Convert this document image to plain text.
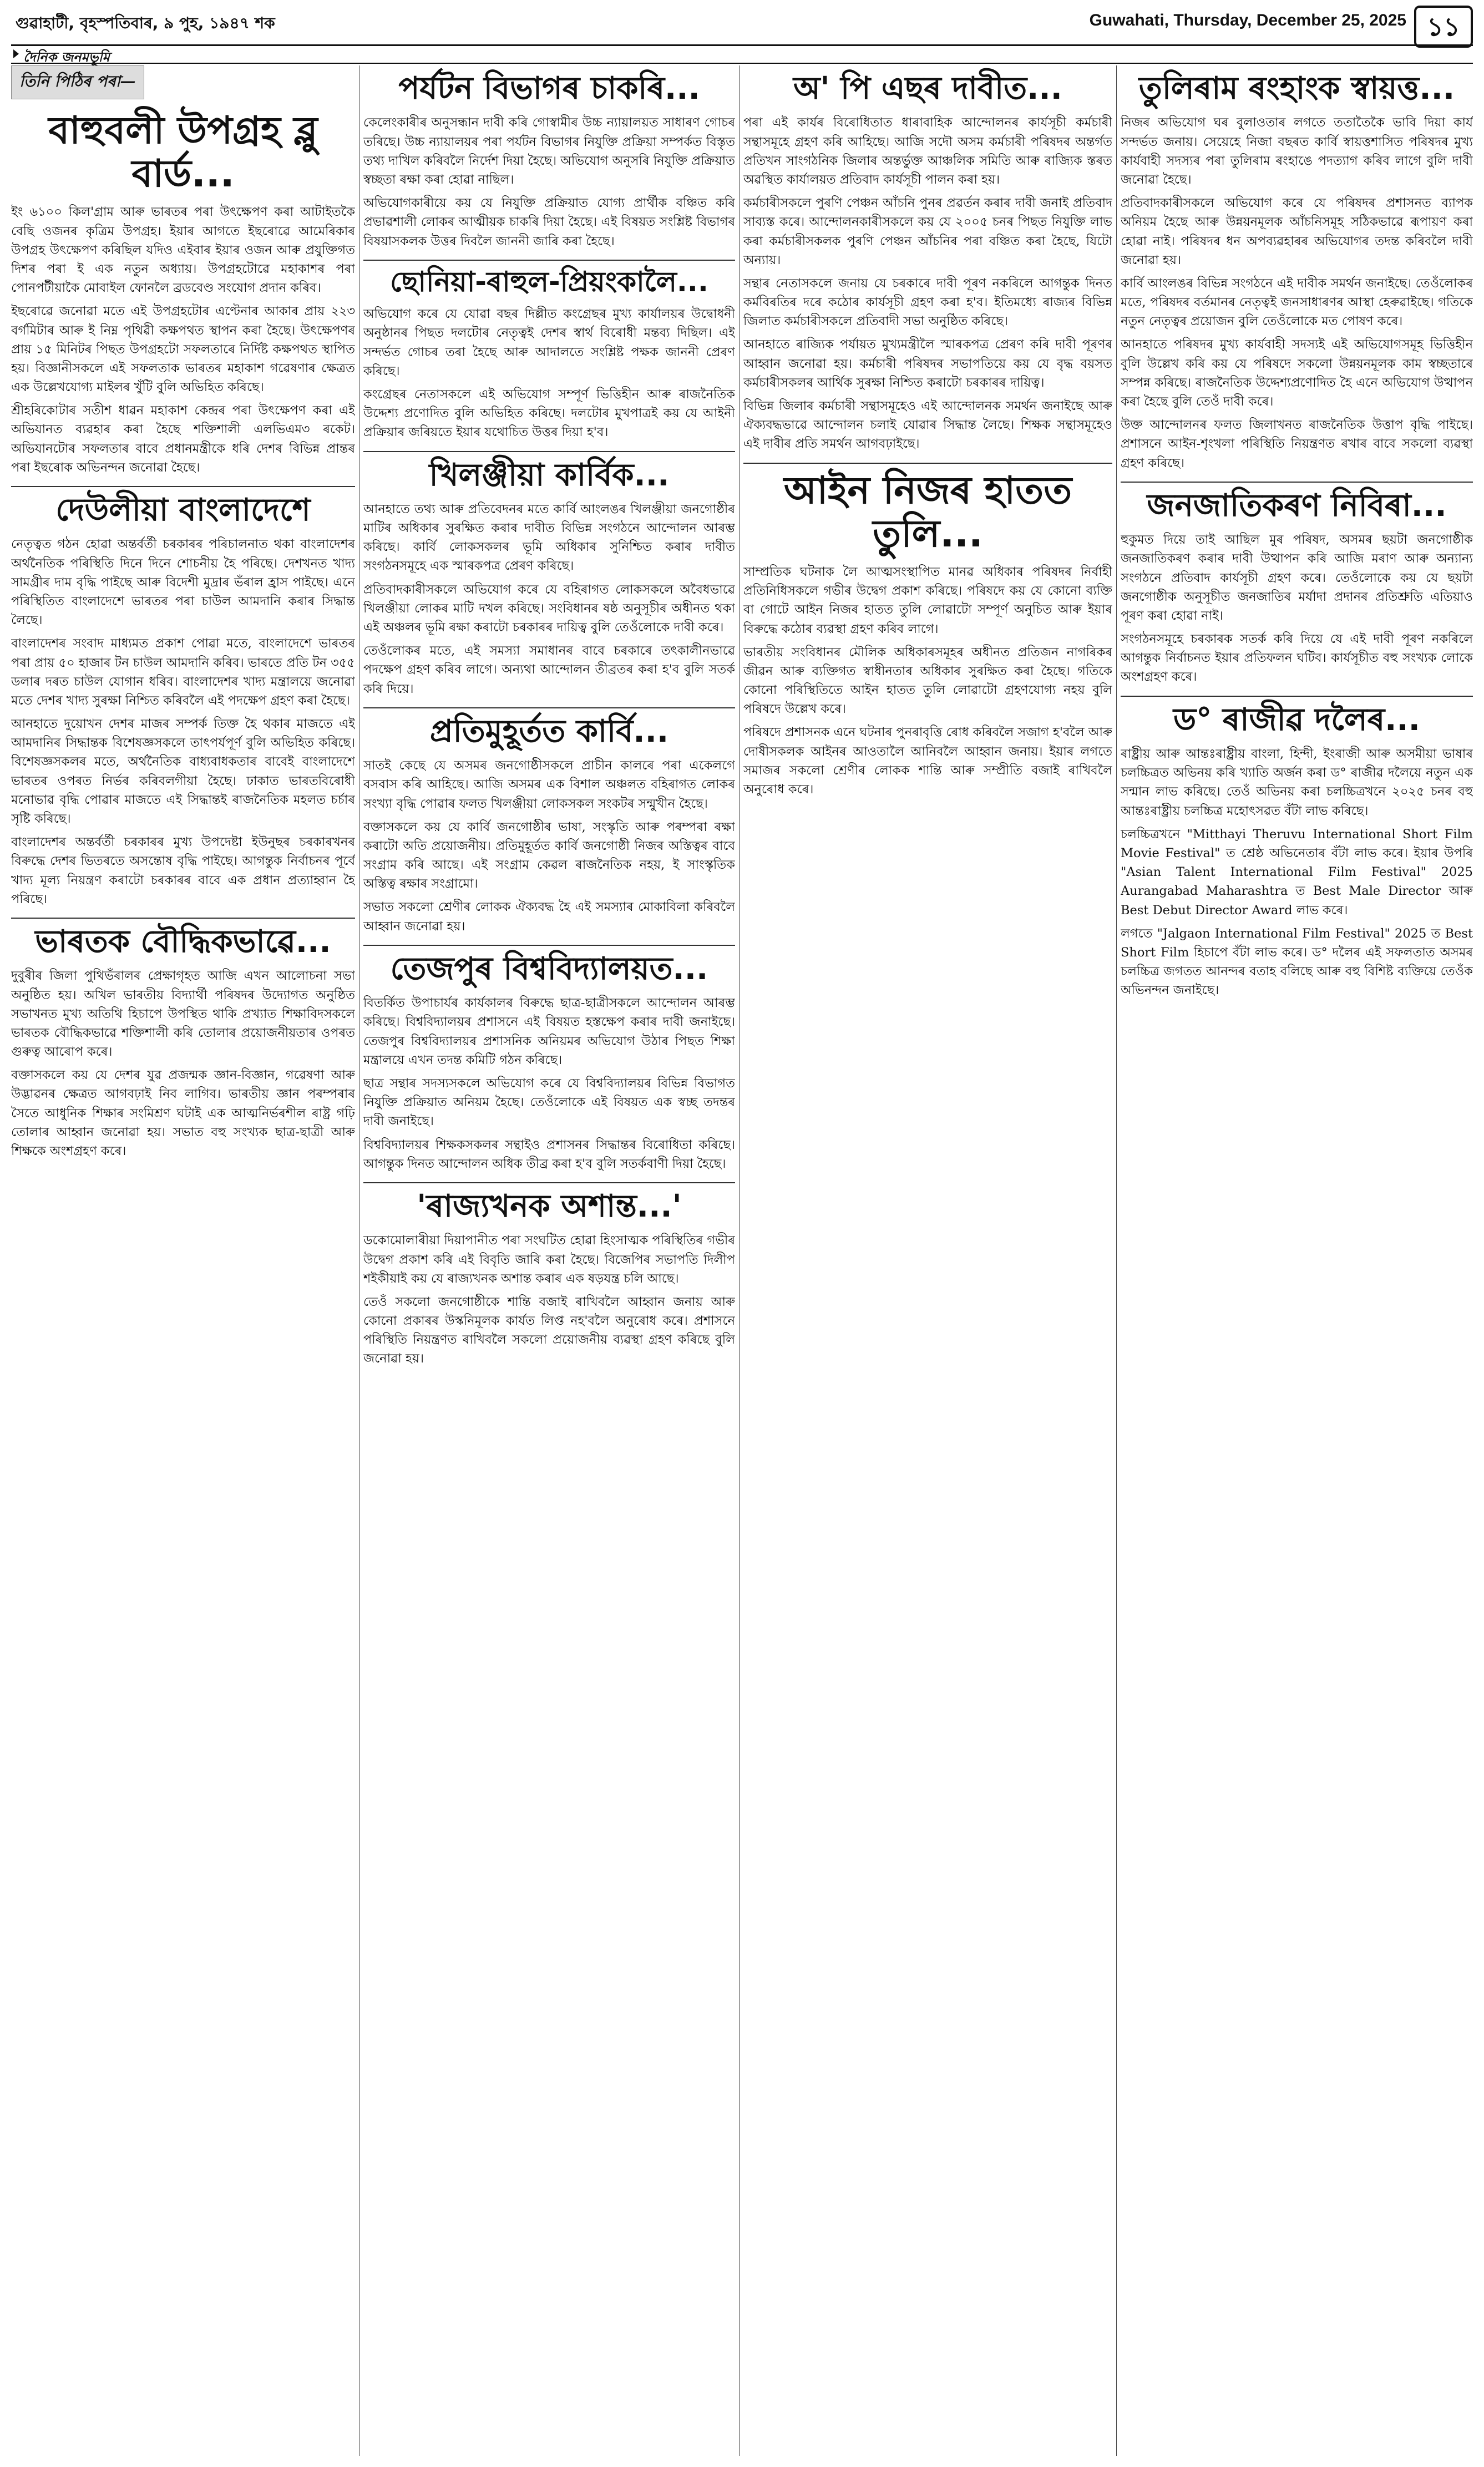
গুৱাহাটী, বৃহস্পতিবাৰ, ৯ পুহ, ১৯৪৭ শক	Guwahati, Thursday, December 25, 2025 ১১
দৈনিক জনমভূমি
তিনি পিঠিৰ পৰা—
বাহুবলী উপগ্ৰহ ব্লু বাৰ্ড...

ইং ৬১০০ কিল'গ্ৰাম আৰু ভাৰতৰ পৰা উৎক্ষেপণ কৰা আটাইতকৈ বেছি ওজনৰ কৃত্ৰিম উপগ্ৰহ। ইয়াৰ আগতে ইছৰোৱে আমেৰিকাৰ উপগ্ৰহ উৎক্ষেপণ কৰিছিল যদিও এইবাৰ ইয়াৰ ওজন আৰু প্ৰযুক্তিগত দিশৰ পৰা ই এক নতুন অধ্যায়। উপগ্ৰহটোৱে মহাকাশৰ পৰা পোনপটীয়াকৈ মোবাইল ফোনলৈ ব্ৰডবেণ্ড সংযোগ প্ৰদান কৰিব।

ইছৰোৱে জনোৱা মতে এই উপগ্ৰহটোৰ এণ্টেনাৰ আকাৰ প্ৰায় ২২৩ বৰ্গমিটাৰ আৰু ই নিম্ন পৃথিৱী কক্ষপথত স্থাপন কৰা হৈছে। উৎক্ষেপণৰ প্ৰায় ১৫ মিনিটৰ পিছত উপগ্ৰহটো সফলতাৰে নিৰ্দিষ্ট কক্ষপথত স্থাপিত হয়। বিজ্ঞানীসকলে এই সফলতাক ভাৰতৰ মহাকাশ গৱেষণাৰ ক্ষেত্ৰত এক উল্লেখযোগ্য মাইলৰ খুঁটি বুলি অভিহিত কৰিছে।

শ্ৰীহৰিকোটাৰ সতীশ ধাৱন মহাকাশ কেন্দ্ৰৰ পৰা উৎক্ষেপণ কৰা এই অভিযানত ব্যৱহাৰ কৰা হৈছে শক্তিশালী এলভিএম৩ ৰকেট। অভিযানটোৰ সফলতাৰ বাবে প্ৰধানমন্ত্ৰীকে ধৰি দেশৰ বিভিন্ন প্ৰান্তৰ পৰা ইছৰোক অভিনন্দন জনোৱা হৈছে।

দেউলীয়া বাংলাদেশে

নেতৃত্বত গঠন হোৱা অন্তৰ্বৰ্তী চৰকাৰৰ পৰিচালনাত থকা বাংলাদেশৰ অৰ্থনৈতিক পৰিস্থিতি দিনে দিনে শোচনীয় হৈ পৰিছে। দেশখনত খাদ্য সামগ্ৰীৰ দাম বৃদ্ধি পাইছে আৰু বিদেশী মুদ্ৰাৰ ভঁৰাল হ্ৰাস পাইছে। এনে পৰিস্থিতিত বাংলাদেশে ভাৰতৰ পৰা চাউল আমদানি কৰাৰ সিদ্ধান্ত লৈছে।

বাংলাদেশৰ সংবাদ মাধ্যমত প্ৰকাশ পোৱা মতে, বাংলাদেশে ভাৰতৰ পৰা প্ৰায় ৫০ হাজাৰ টন চাউল আমদানি কৰিব। ভাৰতে প্ৰতি টন ৩৫৫ ডলাৰ দৰত চাউল যোগান ধৰিব। বাংলাদেশৰ খাদ্য মন্ত্ৰালয়ে জনোৱা মতে দেশৰ খাদ্য সুৰক্ষা নিশ্চিত কৰিবলৈ এই পদক্ষেপ গ্ৰহণ কৰা হৈছে।

আনহাতে দুয়োখন দেশৰ মাজৰ সম্পৰ্ক তিক্ত হৈ থকাৰ মাজতে এই আমদানিৰ সিদ্ধান্তক বিশেষজ্ঞসকলে তাৎপৰ্যপূৰ্ণ বুলি অভিহিত কৰিছে। বিশেষজ্ঞসকলৰ মতে, অৰ্থনৈতিক বাধ্যবাধকতাৰ বাবেই বাংলাদেশে ভাৰতৰ ওপৰত নিৰ্ভৰ কৰিবলগীয়া হৈছে। ঢাকাত ভাৰতবিৰোধী মনোভাৱ বৃদ্ধি পোৱাৰ মাজতে এই সিদ্ধান্তই ৰাজনৈতিক মহলত চৰ্চাৰ সৃষ্টি কৰিছে।

বাংলাদেশৰ অন্তৰ্বৰ্তী চৰকাৰৰ মুখ্য উপদেষ্টা ইউনুছৰ চৰকাৰখনৰ বিৰুদ্ধে দেশৰ ভিতৰতে অসন্তোষ বৃদ্ধি পাইছে। আগন্তুক নিৰ্বাচনৰ পূৰ্বে খাদ্য মূল্য নিয়ন্ত্ৰণ কৰাটো চৰকাৰৰ বাবে এক প্ৰধান প্ৰত্যাহ্বান হৈ পৰিছে।

ভাৰতক বৌদ্ধিকভাৱে...

দুবুৰীৰ জিলা পুথিভঁৰালৰ প্ৰেক্ষাগৃহত আজি এখন আলোচনা সভা অনুষ্ঠিত হয়। অখিল ভাৰতীয় বিদ্যাৰ্থী পৰিষদৰ উদ্যোগত অনুষ্ঠিত সভাখনত মুখ্য অতিথি হিচাপে উপস্থিত থাকি প্ৰখ্যাত শিক্ষাবিদসকলে ভাৰতক বৌদ্ধিকভাৱে শক্তিশালী কৰি তোলাৰ প্ৰয়োজনীয়তাৰ ওপৰত গুৰুত্ব আৰোপ কৰে।

বক্তাসকলে কয় যে দেশৰ যুৱ প্ৰজন্মক জ্ঞান-বিজ্ঞান, গৱেষণা আৰু উদ্ভাৱনৰ ক্ষেত্ৰত আগবঢ়াই নিব লাগিব। ভাৰতীয় জ্ঞান পৰম্পৰাৰ সৈতে আধুনিক শিক্ষাৰ সংমিশ্ৰণ ঘটাই এক আত্মনিৰ্ভৰশীল ৰাষ্ট্ৰ গঢ়ি তোলাৰ আহ্বান জনোৱা হয়। সভাত বহু সংখ্যক ছাত্ৰ-ছাত্ৰী আৰু শিক্ষকে অংশগ্ৰহণ কৰে।

পৰ্যটন বিভাগৰ চাকৰি...

কেলেংকাৰীৰ অনুসন্ধান দাবী কৰি গোস্বামীৰ উচ্চ ন্যায়ালয়ত সাধাৰণ গোচৰ তৰিছে। উচ্চ ন্যায়ালয়ৰ পৰা পৰ্যটন বিভাগৰ নিযুক্তি প্ৰক্ৰিয়া সম্পৰ্কত বিস্তৃত তথ্য দাখিল কৰিবলৈ নিৰ্দেশ দিয়া হৈছে। অভিযোগ অনুসৰি নিযুক্তি প্ৰক্ৰিয়াত স্বচ্ছতা ৰক্ষা কৰা হোৱা নাছিল।

অভিযোগকাৰীয়ে কয় যে নিযুক্তি প্ৰক্ৰিয়াত যোগ্য প্ৰাৰ্থীক বঞ্চিত কৰি প্ৰভাৱশালী লোকৰ আত্মীয়ক চাকৰি দিয়া হৈছে। এই বিষয়ত সংশ্লিষ্ট বিভাগৰ বিষয়াসকলক উত্তৰ দিবলৈ জাননী জাৰি কৰা হৈছে।

ছোনিয়া-ৰাহুল-প্ৰিয়ংকালৈ...

অভিযোগ কৰে যে যোৱা বছৰ দিল্লীত কংগ্ৰেছৰ মুখ্য কাৰ্যালয়ৰ উদ্বোধনী অনুষ্ঠানৰ পিছত দলটোৰ নেতৃত্বই দেশৰ স্বাৰ্থ বিৰোধী মন্তব্য দিছিল। এই সন্দৰ্ভত গোচৰ তৰা হৈছে আৰু আদালতে সংশ্লিষ্ট পক্ষক জাননী প্ৰেৰণ কৰিছে।

কংগ্ৰেছৰ নেতাসকলে এই অভিযোগ সম্পূৰ্ণ ভিত্তিহীন আৰু ৰাজনৈতিক উদ্দেশ্য প্ৰণোদিত বুলি অভিহিত কৰিছে। দলটোৰ মুখপাত্ৰই কয় যে আইনী প্ৰক্ৰিয়াৰ জৰিয়তে ইয়াৰ যথোচিত উত্তৰ দিয়া হ'ব।

খিলঞ্জীয়া কাৰ্বিক...

আনহাতে তথ্য আৰু প্ৰতিবেদনৰ মতে কাৰ্বি আংলঙৰ খিলঞ্জীয়া জনগোষ্ঠীৰ মাটিৰ অধিকাৰ সুৰক্ষিত কৰাৰ দাবীত বিভিন্ন সংগঠনে আন্দোলন আৰম্ভ কৰিছে। কাৰ্বি লোকসকলৰ ভূমি অধিকাৰ সুনিশ্চিত কৰাৰ দাবীত সংগঠনসমূহে এক স্মাৰকপত্ৰ প্ৰেৰণ কৰিছে।

প্ৰতিবাদকাৰীসকলে অভিযোগ কৰে যে বহিৰাগত লোকসকলে অবৈধভাৱে খিলঞ্জীয়া লোকৰ মাটি দখল কৰিছে। সংবিধানৰ ষষ্ঠ অনুসূচীৰ অধীনত থকা এই অঞ্চলৰ ভূমি ৰক্ষা কৰাটো চৰকাৰৰ দায়িত্ব বুলি তেওঁলোকে দাবী কৰে।

তেওঁলোকৰ মতে, এই সমস্যা সমাধানৰ বাবে চৰকাৰে তৎকালীনভাৱে পদক্ষেপ গ্ৰহণ কৰিব লাগে। অন্যথা আন্দোলন তীব্ৰতৰ কৰা হ'ব বুলি সতৰ্ক কৰি দিয়ে।

প্ৰতিমুহূৰ্তত কাৰ্বি...

সাতই কেছে যে অসমৰ জনগোষ্ঠীসকলে প্ৰাচীন কালৰে পৰা একেলগে বসবাস কৰি আহিছে। আজি অসমৰ এক বিশাল অঞ্চলত বহিৰাগত লোকৰ সংখ্যা বৃদ্ধি পোৱাৰ ফলত খিলঞ্জীয়া লোকসকল সংকটৰ সন্মুখীন হৈছে।

বক্তাসকলে কয় যে কাৰ্বি জনগোষ্ঠীৰ ভাষা, সংস্কৃতি আৰু পৰম্পৰা ৰক্ষা কৰাটো অতি প্ৰয়োজনীয়। প্ৰতিমুহূৰ্তত কাৰ্বি জনগোষ্ঠী নিজৰ অস্তিত্বৰ বাবে সংগ্ৰাম কৰি আছে। এই সংগ্ৰাম কেৱল ৰাজনৈতিক নহয়, ই সাংস্কৃতিক অস্তিত্ব ৰক্ষাৰ সংগ্ৰামো।

সভাত সকলো শ্ৰেণীৰ লোকক ঐক্যবদ্ধ হৈ এই সমস্যাৰ মোকাবিলা কৰিবলৈ আহ্বান জনোৱা হয়।

তেজপুৰ বিশ্ববিদ্যালয়ত...

বিতৰ্কিত উপাচাৰ্যৰ কাৰ্যকালৰ বিৰুদ্ধে ছাত্ৰ-ছাত্ৰীসকলে আন্দোলন আৰম্ভ কৰিছে। বিশ্ববিদ্যালয়ৰ প্ৰশাসনে এই বিষয়ত হস্তক্ষেপ কৰাৰ দাবী জনাইছে। তেজপুৰ বিশ্ববিদ্যালয়ৰ প্ৰশাসনিক অনিয়মৰ অভিযোগ উঠাৰ পিছত শিক্ষা মন্ত্ৰালয়ে এখন তদন্ত কমিটি গঠন কৰিছে।

ছাত্ৰ সন্থাৰ সদস্যসকলে অভিযোগ কৰে যে বিশ্ববিদ্যালয়ৰ বিভিন্ন বিভাগত নিযুক্তি প্ৰক্ৰিয়াত অনিয়ম হৈছে। তেওঁলোকে এই বিষয়ত এক স্বচ্ছ তদন্তৰ দাবী জনাইছে।

বিশ্ববিদ্যালয়ৰ শিক্ষকসকলৰ সন্থাইও প্ৰশাসনৰ সিদ্ধান্তৰ বিৰোধিতা কৰিছে। আগন্তুক দিনত আন্দোলন অধিক তীব্ৰ কৰা হ'ব বুলি সতৰ্কবাণী দিয়া হৈছে।

'ৰাজ্যখনক অশান্ত...'

ডকোমোলাৰীয়া দিয়াপানীত পৰা সংঘটিত হোৱা হিংসাত্মক পৰিস্থিতিৰ গভীৰ উদ্বেগ প্ৰকাশ কৰি এই বিবৃতি জাৰি কৰা হৈছে। বিজেপিৰ সভাপতি দিলীপ শইকীয়াই কয় যে ৰাজ্যখনক অশান্ত কৰাৰ এক ষড়যন্ত্ৰ চলি আছে।

তেওঁ সকলো জনগোষ্ঠীকে শান্তি বজাই ৰাখিবলৈ আহ্বান জনায় আৰু কোনো প্ৰকাৰৰ উস্কনিমূলক কাৰ্যত লিপ্ত নহ'বলৈ অনুৰোধ কৰে। প্ৰশাসনে পৰিস্থিতি নিয়ন্ত্ৰণত ৰাখিবলৈ সকলো প্ৰয়োজনীয় ব্যৱস্থা গ্ৰহণ কৰিছে বুলি জনোৱা হয়।

অ' পি এছৰ দাবীত...

পৰা এই কাৰ্যৰ বিৰোধিতাত ধাৰাবাহিক আন্দোলনৰ কাৰ্যসূচী কৰ্মচাৰী সন্থাসমূহে গ্ৰহণ কৰি আহিছে। আজি সদৌ অসম কৰ্মচাৰী পৰিষদৰ অন্তৰ্গত প্ৰতিখন সাংগঠনিক জিলাৰ অন্তৰ্ভুক্ত আঞ্চলিক সমিতি আৰু ৰাজ্যিক স্তৰত অৱস্থিত কাৰ্যালয়ত প্ৰতিবাদ কাৰ্যসূচী পালন কৰা হয়।

কৰ্মচাৰীসকলে পুৰণি পেঞ্চন আঁচনি পুনৰ প্ৰৱৰ্তন কৰাৰ দাবী জনাই প্ৰতিবাদ সাব্যস্ত কৰে। আন্দোলনকাৰীসকলে কয় যে ২০০৫ চনৰ পিছত নিযুক্তি লাভ কৰা কৰ্মচাৰীসকলক পুৰণি পেঞ্চন আঁচনিৰ পৰা বঞ্চিত কৰা হৈছে, যিটো অন্যায়।

সন্থাৰ নেতাসকলে জনায় যে চৰকাৰে দাবী পূৰণ নকৰিলে আগন্তুক দিনত কৰ্মবিৰতিৰ দৰে কঠোৰ কাৰ্যসূচী গ্ৰহণ কৰা হ'ব। ইতিমধ্যে ৰাজ্যৰ বিভিন্ন জিলাত কৰ্মচাৰীসকলে প্ৰতিবাদী সভা অনুষ্ঠিত কৰিছে।

আনহাতে ৰাজ্যিক পৰ্যায়ত মুখ্যমন্ত্ৰীলৈ স্মাৰকপত্ৰ প্ৰেৰণ কৰি দাবী পূৰণৰ আহ্বান জনোৱা হয়। কৰ্মচাৰী পৰিষদৰ সভাপতিয়ে কয় যে বৃদ্ধ বয়সত কৰ্মচাৰীসকলৰ আৰ্থিক সুৰক্ষা নিশ্চিত কৰাটো চৰকাৰৰ দায়িত্ব।

বিভিন্ন জিলাৰ কৰ্মচাৰী সন্থাসমূহেও এই আন্দোলনক সমৰ্থন জনাইছে আৰু ঐক্যবদ্ধভাৱে আন্দোলন চলাই যোৱাৰ সিদ্ধান্ত লৈছে। শিক্ষক সন্থাসমূহেও এই দাবীৰ প্ৰতি সমৰ্থন আগবঢ়াইছে।

আইন নিজৰ হাতত তুলি...

সাম্প্ৰতিক ঘটনাক লৈ আত্মসংস্থাপিত মানৱ অধিকাৰ পৰিষদৰ নিৰ্বাহী প্ৰতিনিধিসকলে গভীৰ উদ্বেগ প্ৰকাশ কৰিছে। পৰিষদে কয় যে কোনো ব্যক্তি বা গোটে আইন নিজৰ হাতত তুলি লোৱাটো সম্পূৰ্ণ অনুচিত আৰু ইয়াৰ বিৰুদ্ধে কঠোৰ ব্যৱস্থা গ্ৰহণ কৰিব লাগে।

ভাৰতীয় সংবিধানৰ মৌলিক অধিকাৰসমূহৰ অধীনত প্ৰতিজন নাগৰিকৰ জীৱন আৰু ব্যক্তিগত স্বাধীনতাৰ অধিকাৰ সুৰক্ষিত কৰা হৈছে। গতিকে কোনো পৰিস্থিতিতে আইন হাতত তুলি লোৱাটো গ্ৰহণযোগ্য নহয় বুলি পৰিষদে উল্লেখ কৰে।

পৰিষদে প্ৰশাসনক এনে ঘটনাৰ পুনৰাবৃত্তি ৰোধ কৰিবলৈ সজাগ হ'বলৈ আৰু দোষীসকলক আইনৰ আওতালৈ আনিবলৈ আহ্বান জনায়। ইয়াৰ লগতে সমাজৰ সকলো শ্ৰেণীৰ লোকক শান্তি আৰু সম্প্ৰীতি বজাই ৰাখিবলৈ অনুৰোধ কৰে।

তুলিৰাম ৰংহাংক স্বায়ত্ত...

নিজৰ অভিযোগ ঘৰ বুলাওতাৰ লগতে ততাতৈকৈ ভাবি দিয়া কাৰ্য সন্দৰ্ভত জনায়। সেয়েহে নিজা বছৰত কাৰ্বি স্বায়ত্তশাসিত পৰিষদৰ মুখ্য কাৰ্যবাহী সদস্যৰ পৰা তুলিৰাম ৰংহাঙে পদত্যাগ কৰিব লাগে বুলি দাবী জনোৱা হৈছে।

প্ৰতিবাদকাৰীসকলে অভিযোগ কৰে যে পৰিষদৰ প্ৰশাসনত ব্যাপক অনিয়ম হৈছে আৰু উন্নয়নমূলক আঁচনিসমূহ সঠিকভাৱে ৰূপায়ণ কৰা হোৱা নাই। পৰিষদৰ ধন অপব্যৱহাৰৰ অভিযোগৰ তদন্ত কৰিবলৈ দাবী জনোৱা হয়।

কাৰ্বি আংলঙৰ বিভিন্ন সংগঠনে এই দাবীক সমৰ্থন জনাইছে। তেওঁলোকৰ মতে, পৰিষদৰ বৰ্তমানৰ নেতৃত্বই জনসাধাৰণৰ আস্থা হেৰুৱাইছে। গতিকে নতুন নেতৃত্বৰ প্ৰয়োজন বুলি তেওঁলোকে মত পোষণ কৰে।

আনহাতে পৰিষদৰ মুখ্য কাৰ্যবাহী সদস্যই এই অভিযোগসমূহ ভিত্তিহীন বুলি উল্লেখ কৰি কয় যে পৰিষদে সকলো উন্নয়নমূলক কাম স্বচ্ছতাৰে সম্পন্ন কৰিছে। ৰাজনৈতিক উদ্দেশ্যপ্ৰণোদিত হৈ এনে অভিযোগ উত্থাপন কৰা হৈছে বুলি তেওঁ দাবী কৰে।

উক্ত আন্দোলনৰ ফলত জিলাখনত ৰাজনৈতিক উত্তাপ বৃদ্ধি পাইছে। প্ৰশাসনে আইন-শৃংখলা পৰিস্থিতি নিয়ন্ত্ৰণত ৰখাৰ বাবে সকলো ব্যৱস্থা গ্ৰহণ কৰিছে।

জনজাতিকৰণ নিবিৰা...

হুকুমত দিয়ে তাই আছিল মুৰ পৰিষদ, অসমৰ ছয়টা জনগোষ্ঠীক জনজাতিকৰণ কৰাৰ দাবী উত্থাপন কৰি আজি মৰাণ আৰু অন্যান্য সংগঠনে প্ৰতিবাদ কাৰ্যসূচী গ্ৰহণ কৰে। তেওঁলোকে কয় যে ছয়টা জনগোষ্ঠীক অনুসূচীত জনজাতিৰ মৰ্যাদা প্ৰদানৰ প্ৰতিশ্ৰুতি এতিয়াও পূৰণ কৰা হোৱা নাই।

সংগঠনসমূহে চৰকাৰক সতৰ্ক কৰি দিয়ে যে এই দাবী পূৰণ নকৰিলে আগন্তুক নিৰ্বাচনত ইয়াৰ প্ৰতিফলন ঘটিব। কাৰ্যসূচীত বহু সংখ্যক লোকে অংশগ্ৰহণ কৰে।

ড° ৰাজীৱ দলৈৰ...

ৰাষ্ট্ৰীয় আৰু আন্তঃৰাষ্ট্ৰীয় বাংলা, হিন্দী, ইংৰাজী আৰু অসমীয়া ভাষাৰ চলচ্চিত্ৰত অভিনয় কৰি খ্যাতি অৰ্জন কৰা ড° ৰাজীৱ দলৈয়ে নতুন এক সন্মান লাভ কৰিছে। তেওঁ অভিনয় কৰা চলচ্চিত্ৰখনে ২০২৫ চনৰ বহু আন্তঃৰাষ্ট্ৰীয় চলচ্চিত্ৰ মহোৎসৱত বঁটা লাভ কৰিছে।

চলচ্চিত্ৰখনে "Mitthayi Theruvu International Short Film Movie Festival" ত শ্ৰেষ্ঠ অভিনেতাৰ বঁটা লাভ কৰে। ইয়াৰ উপৰি "Asian Talent International Film Festival" 2025 Aurangabad Maharashtra ত Best Male Director আৰু Best Debut Director Award লাভ কৰে।

লগতে "Jalgaon International Film Festival" 2025 ত Best Short Film হিচাপে বঁটা লাভ কৰে। ড° দলৈৰ এই সফলতাত অসমৰ চলচ্চিত্ৰ জগতত আনন্দৰ বতাহ বলিছে আৰু বহু বিশিষ্ট ব্যক্তিয়ে তেওঁক অভিনন্দন জনাইছে।
